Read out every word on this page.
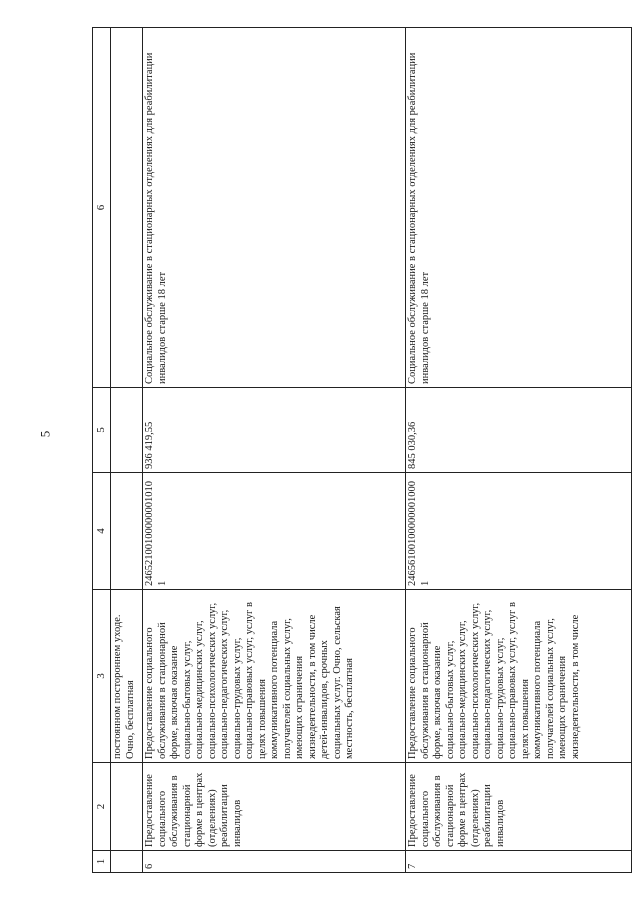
5
1	2	3	4	5	6
		постоянном постороннем уходе. Очно, бесплатная			
6	Предоставление социального обслуживания в стационарной форме в центрах (отделениях) реабилитации инвалидов	Предоставление социального обслуживания в стационарной форме, включая оказание социально-бытовых услуг, социально-медицинских услуг, социально-психологических услуг, социально-педагогических услуг, социально-трудовых услуг, социально-правовых услуг, услуг в целях повышения коммуникативного потенциала получателей социальных услуг, имеющих ограничения жизнедеятельности, в том числе детей-инвалидов, срочных социальных услуг. Очно, сельская местность, бесплатная	246521001000000010101	936 419,55	Социальное обслуживание в стационарных отделениях для реабилитации инвалидов старше 18 лет
7	Предоставление социального обслуживания в стационарной форме в центрах (отделениях) реабилитации инвалидов	Предоставление социального обслуживания в стационарной форме, включая оказание социально-бытовых услуг, социально-медицинских услуг, социально-психологических услуг, социально-педагогических услуг, социально-трудовых услуг, социально-правовых услуг, услуг в целях повышения коммуникативного потенциала получателей социальных услуг, имеющих ограничения жизнедеятельности, в том числе	24656100100000001000 1	845 030,36	Социальное обслуживание в стационарных отделениях для реабилитации инвалидов старше 18 лет
